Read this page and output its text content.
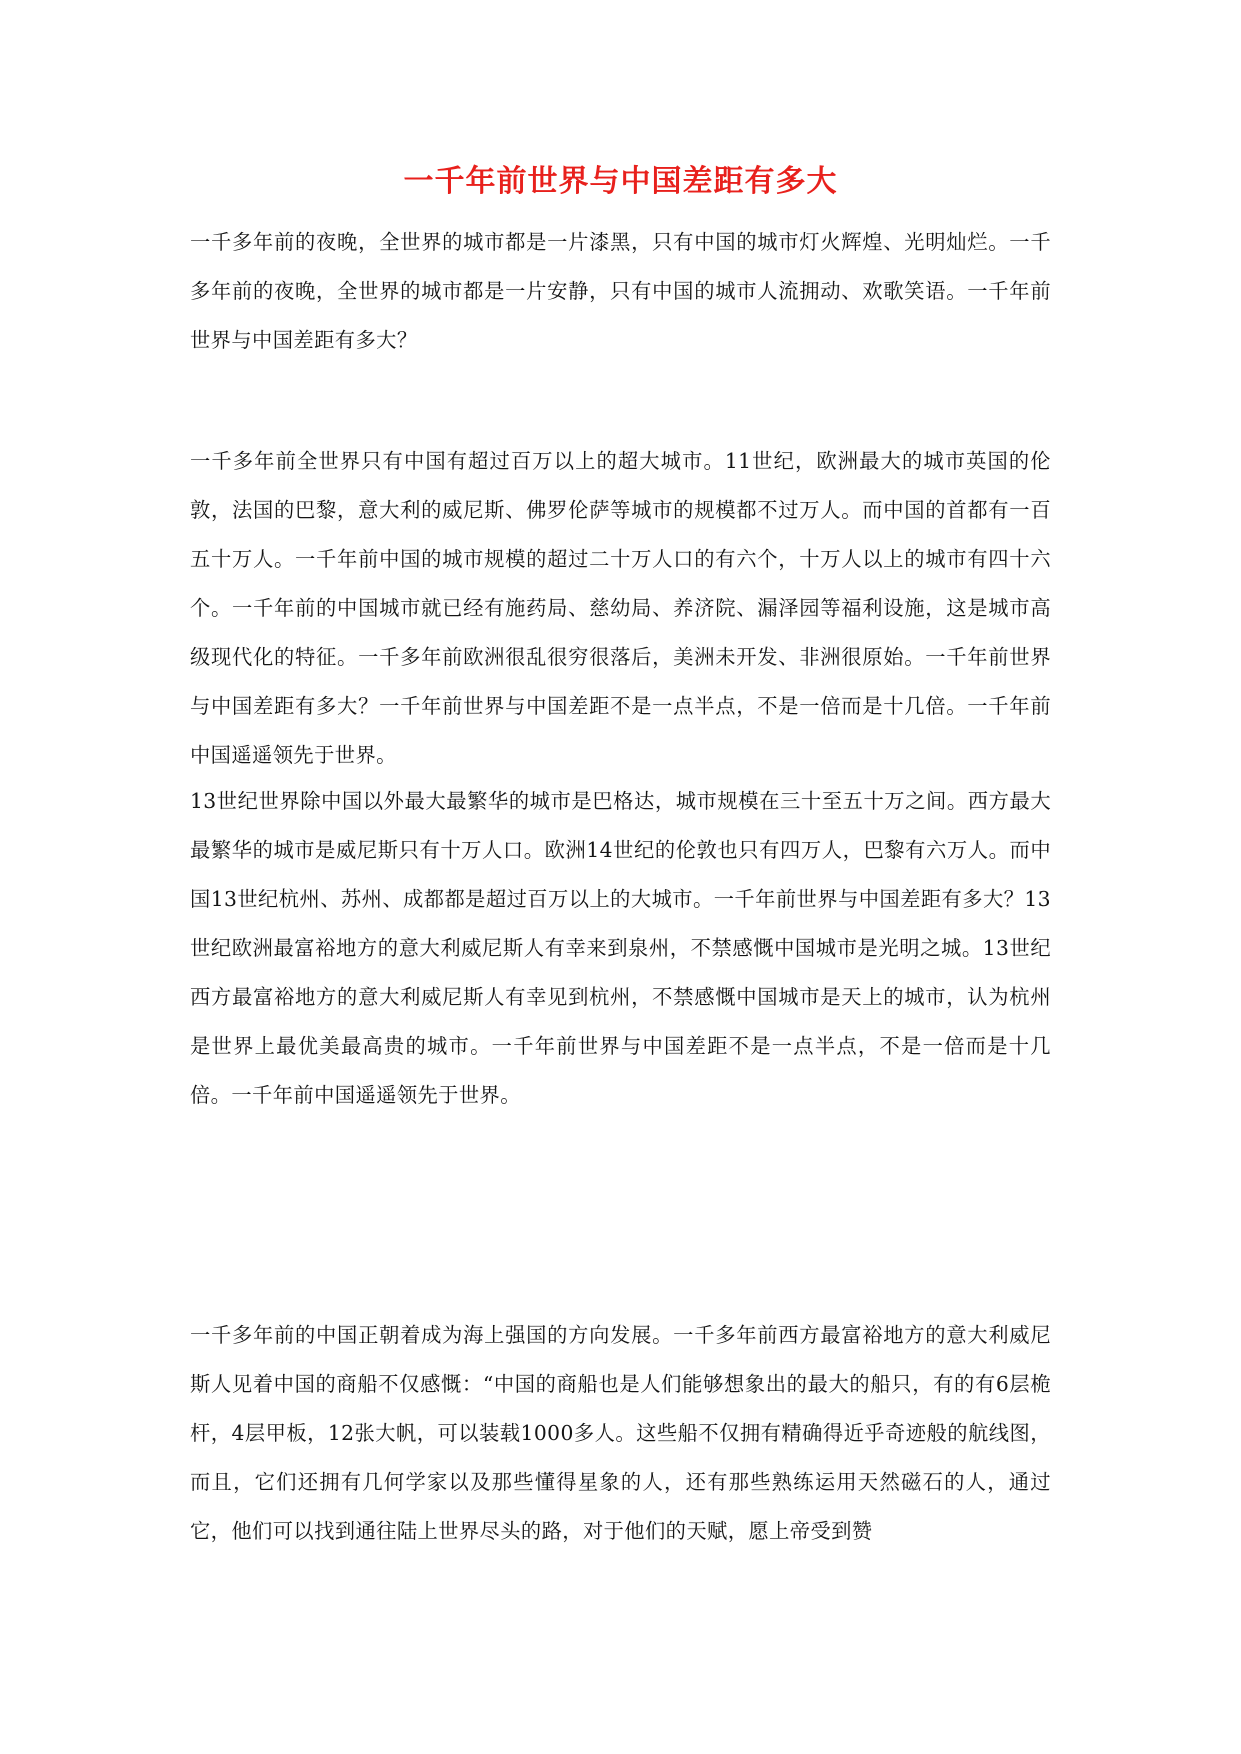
一千年前世界与中国差距有多大

一千多年前的夜晚，全世界的城市都是一片漆黑，只有中国的城市灯火辉煌、光明灿烂。一千多年前的夜晚，全世界的城市都是一片安静，只有中国的城市人流拥动、欢歌笑语。一千年前世界与中国差距有多大？

一千多年前全世界只有中国有超过百万以上的超大城市。11世纪，欧洲最大的城市英国的伦敦，法国的巴黎，意大利的威尼斯、佛罗伦萨等城市的规模都不过万人。而中国的首都有一百五十万人。一千年前中国的城市规模的超过二十万人口的有六个，十万人以上的城市有四十六个。一千年前的中国城市就已经有施药局、慈幼局、养济院、漏泽园等福利设施，这是城市高级现代化的特征。一千多年前欧洲很乱很穷很落后，美洲未开发、非洲很原始。一千年前世界与中国差距有多大？一千年前世界与中国差距不是一点半点，不是一倍而是十几倍。一千年前中国遥遥领先于世界。

13世纪世界除中国以外最大最繁华的城市是巴格达，城市规模在三十至五十万之间。西方最大最繁华的城市是威尼斯只有十万人口。欧洲14世纪的伦敦也只有四万人，巴黎有六万人。而中国13世纪杭州、苏州、成都都是超过百万以上的大城市。一千年前世界与中国差距有多大？13世纪欧洲最富裕地方的意大利威尼斯人有幸来到泉州，不禁感慨中国城市是光明之城。13世纪西方最富裕地方的意大利威尼斯人有幸见到杭州，不禁感慨中国城市是天上的城市，认为杭州是世界上最优美最高贵的城市。一千年前世界与中国差距不是一点半点，不是一倍而是十几倍。一千年前中国遥遥领先于世界。

一千多年前的中国正朝着成为海上强国的方向发展。一千多年前西方最富裕地方的意大利威尼斯人见着中国的商船不仅感慨：“中国的商船也是人们能够想象出的最大的船只，有的有6层桅杆，4层甲板，12张大帆，可以装载1000多人。这些船不仅拥有精确得近乎奇迹般的航线图，而且，它们还拥有几何学家以及那些懂得星象的人，还有那些熟练运用天然磁石的人，通过它，他们可以找到通往陆上世界尽头的路，对于他们的天赋，愿上帝受到赞
